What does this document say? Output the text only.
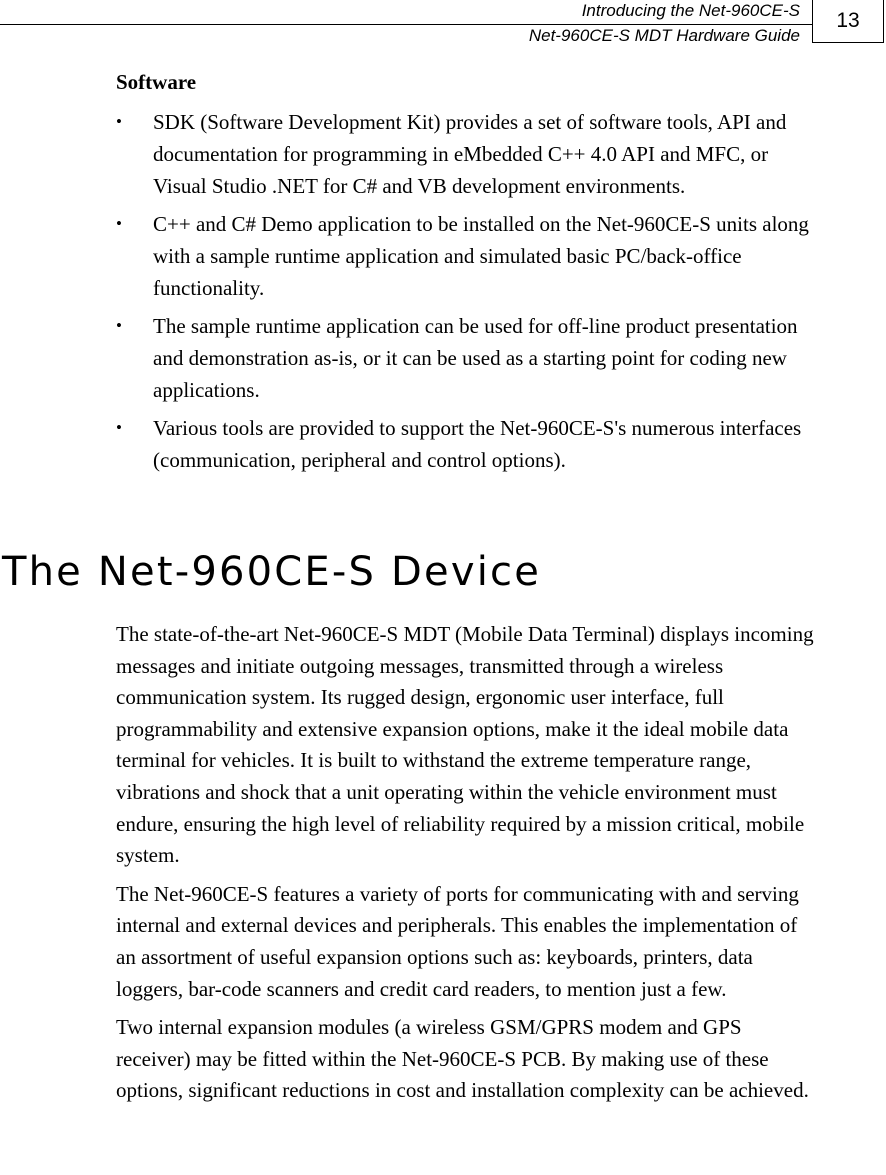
Introducing the Net-960CE-S
Net-960CE-S MDT Hardware Guide
13
Software
• SDK (Software Development Kit) provides a set of software tools, API and documentation for programming in eMbedded C++ 4.0 API and MFC, or Visual Studio .NET for C# and VB development environments.
• C++ and C# Demo application to be installed on the Net-960CE-S units along with a sample runtime application and simulated basic PC/back-office functionality.
• The sample runtime application can be used for off-line product presentation and demonstration as-is, or it can be used as a starting point for coding new applications.
• Various tools are provided to support the Net-960CE-S's numerous interfaces (communication, peripheral and control options).
The Net-960CE-S Device

The state-of-the-art Net-960CE-S MDT (Mobile Data Terminal) displays incoming messages and initiate outgoing messages, transmitted through a wireless communication system. Its rugged design, ergonomic user interface, full programmability and extensive expansion options, make it the ideal mobile data terminal for vehicles. It is built to withstand the extreme temperature range, vibrations and shock that a unit operating within the vehicle environment must endure, ensuring the high level of reliability required by a mission critical, mobile system.

The Net-960CE-S features a variety of ports for communicating with and serving internal and external devices and peripherals. This enables the implementation of an assortment of useful expansion options such as: keyboards, printers, data loggers, bar-code scanners and credit card readers, to mention just a few.

Two internal expansion modules (a wireless GSM/GPRS modem and GPS receiver) may be fitted within the Net-960CE-S PCB. By making use of these options, significant reductions in cost and installation complexity can be achieved.
